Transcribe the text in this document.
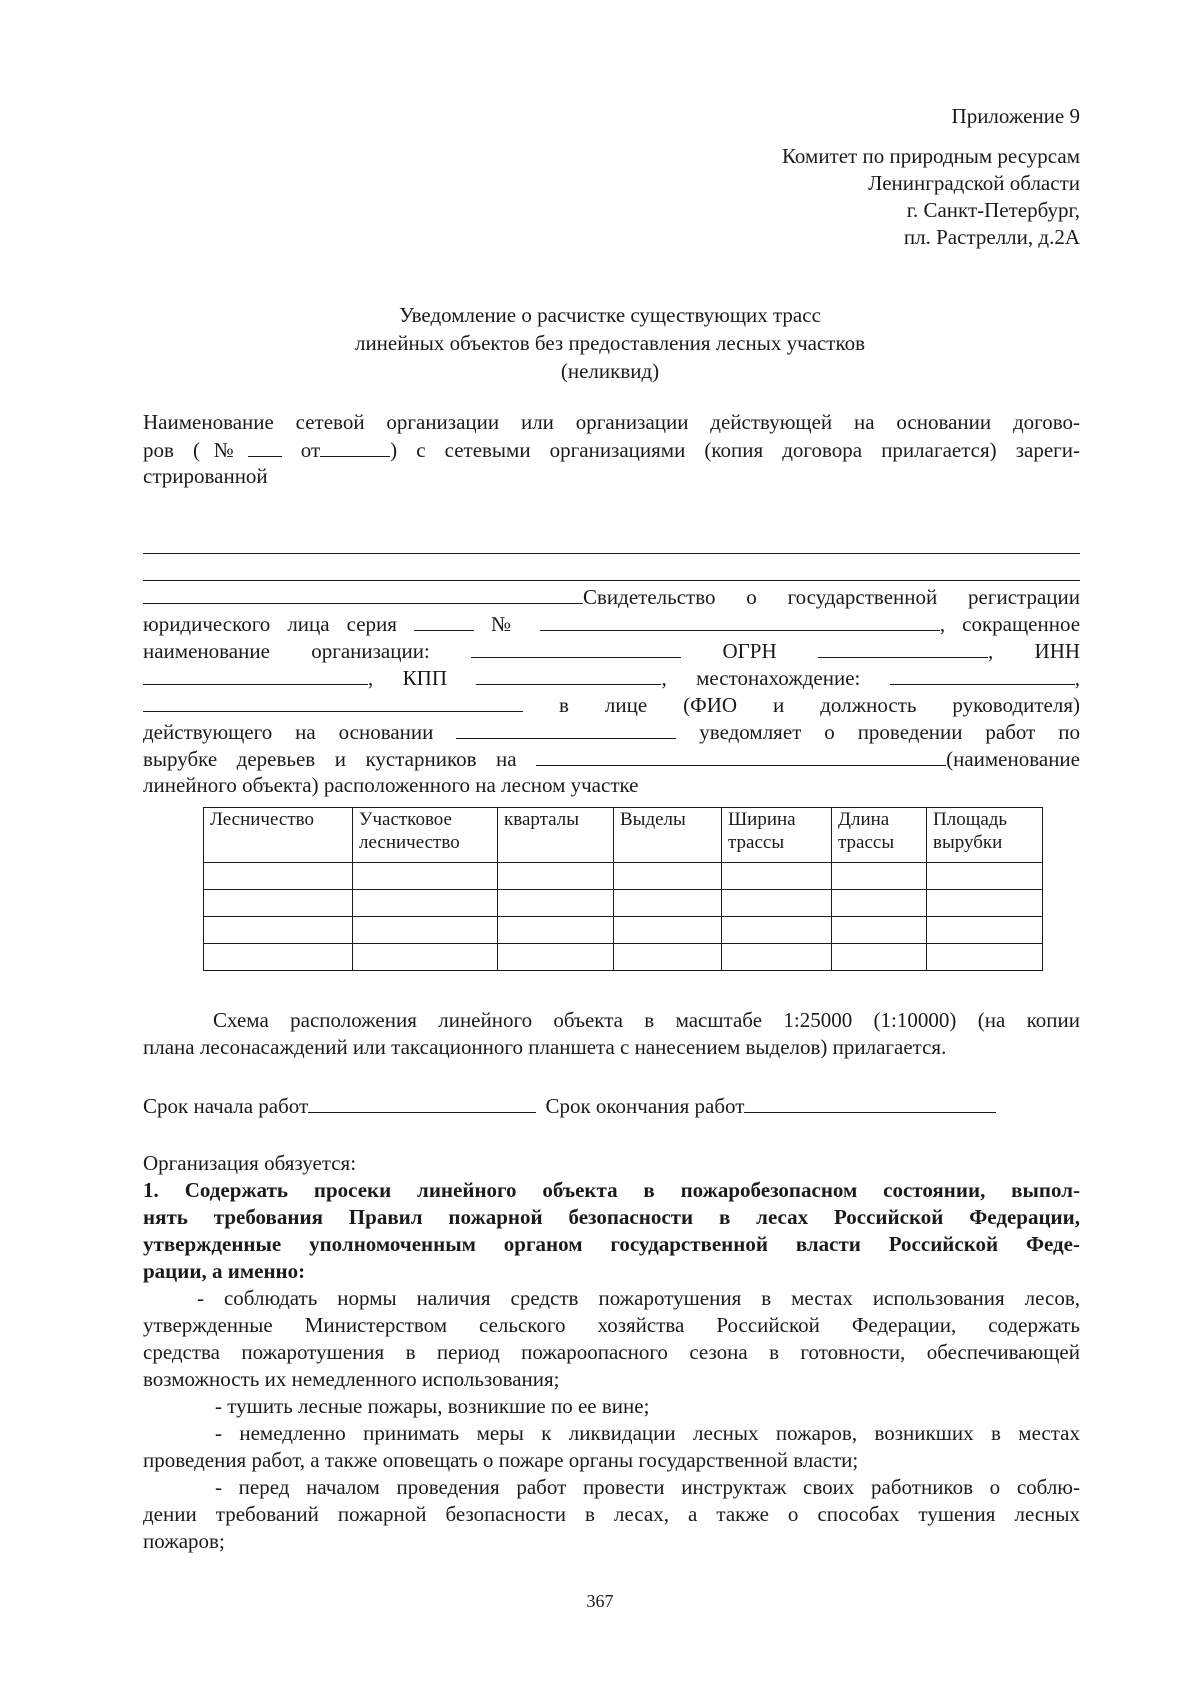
Приложение 9
Комитет по природным ресурсам
Ленинградской области
г. Санкт-Петербург,
пл. Растрелли, д.2А
Уведомление о расчистке существующих трасс
линейных объектов без предоставления лесных участков
(неликвид)
Наименование сетевой организации или организации действующей на основании догово-
ров (№	от	) с сетевыми организациями (копия договора прилагается) зареги-
стрированной
Свидетельство о государственной регистрации
юридического лица серия	№	, сокращенное
наименование организации:	ОГРН	, ИНН
, КПП	, местонахождение:	,
в лице (ФИО и должность руководителя)
действующего на основании	уведомляет о проведении работ по
вырубке деревьев и кустарников на	(наименование
линейного объекта) расположенного на лесном участке
Лесничество	Участковое лесничество	кварталы	Выделы	Ширина трассы	Длина трассы	Площадь вырубки

Схема расположения линейного объекта в масштабе 1:25000 (1:10000) (на копии
плана лесонасаждений или таксационного планшета с нанесением выделов) прилагается.
Срок начала работ	Срок окончания работ
Организация обязуется:
1. Содержать просеки линейного объекта в пожаробезопасном состоянии, выпол-
нять требования Правил пожарной безопасности в лесах Российской Федерации,
утвержденные уполномоченным органом государственной власти Российской Феде-
рации, а именно:
- соблюдать нормы наличия средств пожаротушения в местах использования лесов,
утвержденные Министерством сельского хозяйства Российской Федерации, содержать
средства пожаротушения в период пожароопасного сезона в готовности, обеспечивающей
возможность их немедленного использования;
- тушить лесные пожары, возникшие по ее вине;
- немедленно принимать меры к ликвидации лесных пожаров, возникших в местах
проведения работ, а также оповещать о пожаре органы государственной власти;
- перед началом проведения работ провести инструктаж своих работников о соблю-
дении требований пожарной безопасности в лесах, а также о способах тушения лесных
пожаров;
367
